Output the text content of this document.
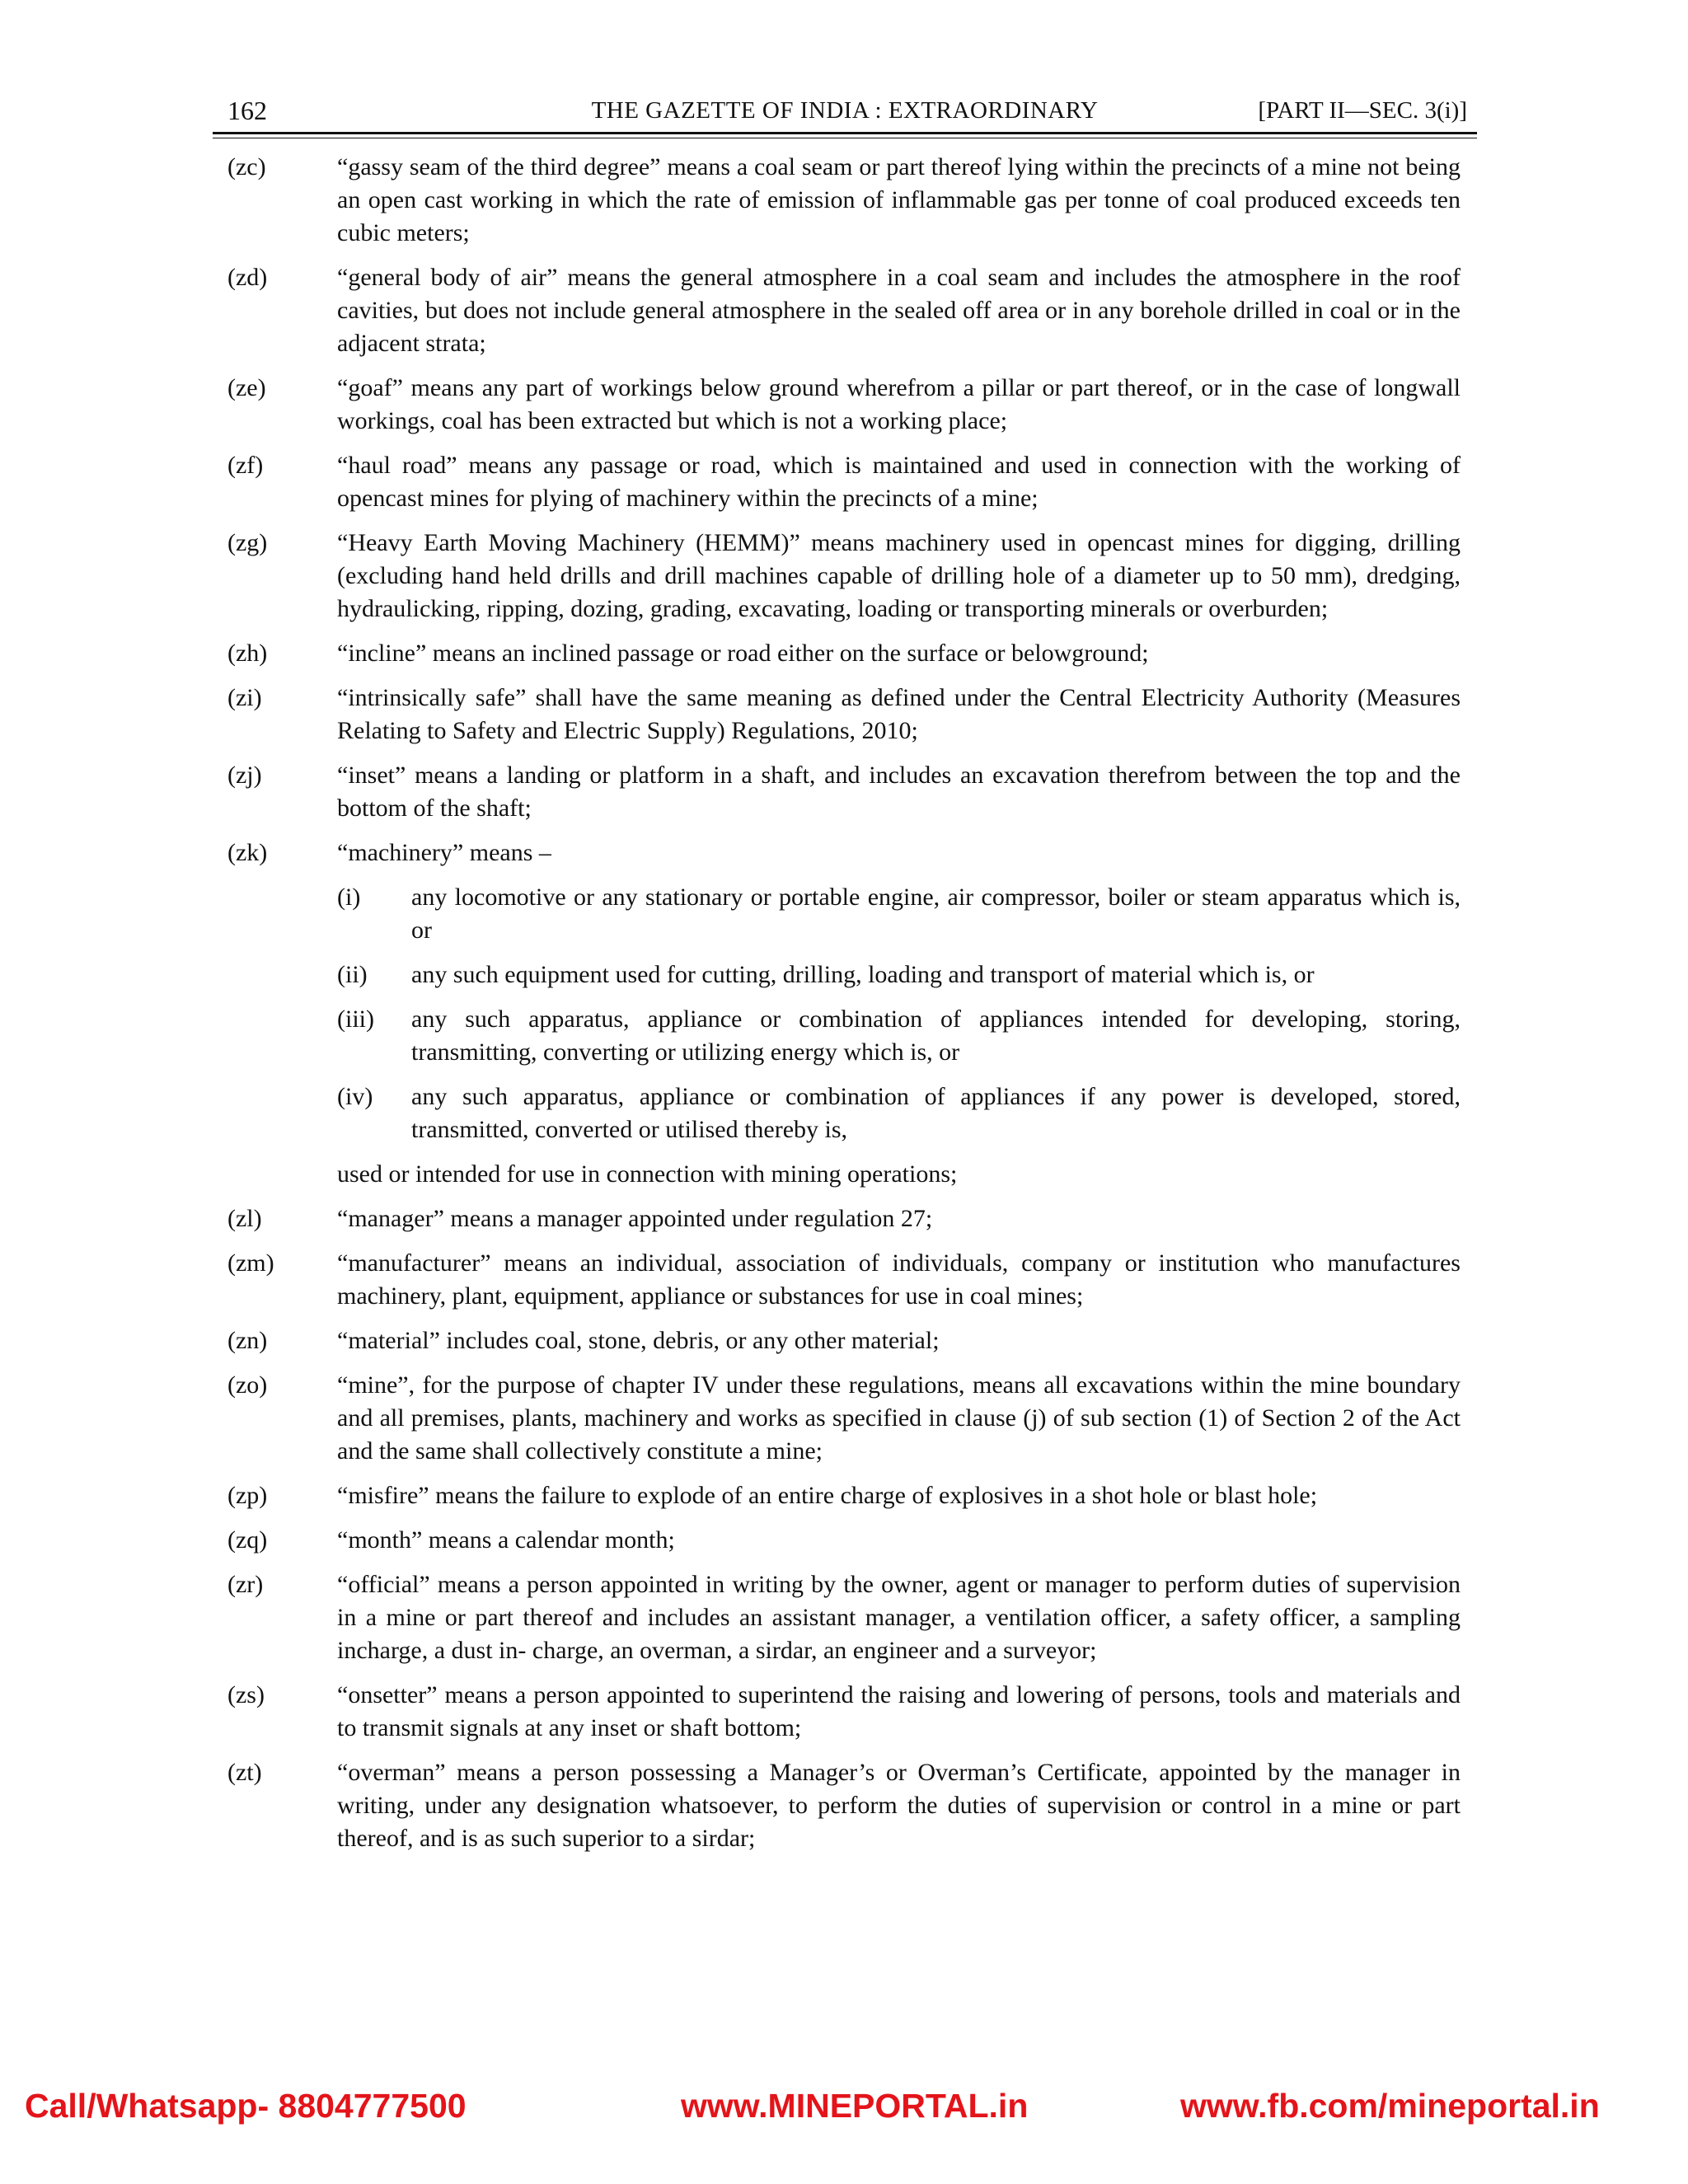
162	THE GAZETTE OF INDIA : EXTRAORDINARY	[PART II—SEC. 3(i)]
(zc)	“gassy seam of the third degree” means a coal seam or part thereof lying within the precincts of a mine not being an open cast working in which the rate of emission of inflammable gas per tonne of coal produced exceeds ten cubic meters;
(zd)	“general body of air” means the general atmosphere in a coal seam and includes the atmosphere in the roof cavities, but does not include general atmosphere in the sealed off area or in any borehole drilled in coal or in the adjacent strata;
(ze)	“goaf” means any part of workings below ground wherefrom a pillar or part thereof, or in the case of longwall workings, coal has been extracted but which is not a working place;
(zf)	“haul road” means any passage or road, which is maintained and used in connection with the working of opencast mines for plying of machinery within the precincts of a mine;
(zg)	“Heavy Earth Moving Machinery (HEMM)” means machinery used in opencast mines for digging, drilling (excluding hand held drills and drill machines capable of drilling hole of a diameter up to 50 mm), dredging, hydraulicking, ripping, dozing, grading, excavating, loading or transporting minerals or overburden;
(zh)	“incline” means an inclined passage or road either on the surface or belowground;
(zi)	“intrinsically safe” shall have the same meaning as defined under the Central Electricity Authority (Measures Relating to Safety and Electric Supply) Regulations, 2010;
(zj)	“inset” means a landing or platform in a shaft, and includes an excavation therefrom between the top and the bottom of the shaft;
(zk)	“machinery” means –
(i)	any locomotive or any stationary or portable engine, air compressor, boiler or steam apparatus which is, or
(ii)	any such equipment used for cutting, drilling, loading and transport of material which is, or
(iii)	any such apparatus, appliance or combination of appliances intended for developing, storing, transmitting, converting or utilizing energy which is, or
(iv)	any such apparatus, appliance or combination of appliances if any power is developed, stored, transmitted, converted or utilised thereby is,
used or intended for use in connection with mining operations;
(zl)	“manager” means a manager appointed under regulation 27;
(zm)	“manufacturer” means an individual, association of individuals, company or institution who manufactures machinery, plant, equipment, appliance or substances for use in coal mines;
(zn)	“material” includes coal, stone, debris, or any other material;
(zo)	“mine”, for the purpose of chapter IV under these regulations, means all excavations within the mine boundary and all premises, plants, machinery and works as specified in clause (j) of sub section (1) of Section 2 of the Act and the same shall collectively constitute a mine;
(zp)	“misfire” means the failure to explode of an entire charge of explosives in a shot hole or blast hole;
(zq)	“month” means a calendar month;
(zr)	“official” means a person appointed in writing by the owner, agent or manager to perform duties of supervision in a mine or part thereof and includes an assistant manager, a ventilation officer, a safety officer, a sampling incharge, a dust in- charge, an overman, a sirdar, an engineer and a surveyor;
(zs)	“onsetter” means a person appointed to superintend the raising and lowering of persons, tools and materials and to transmit signals at any inset or shaft bottom;
(zt)	“overman” means a person possessing a Manager’s or Overman’s Certificate, appointed by the manager in writing, under any designation whatsoever, to perform the duties of supervision or control in a mine or part thereof, and is as such superior to a sirdar;
Call/Whatsapp- 8804777500	www.MINEPORTAL.in	www.fb.com/mineportal.in
